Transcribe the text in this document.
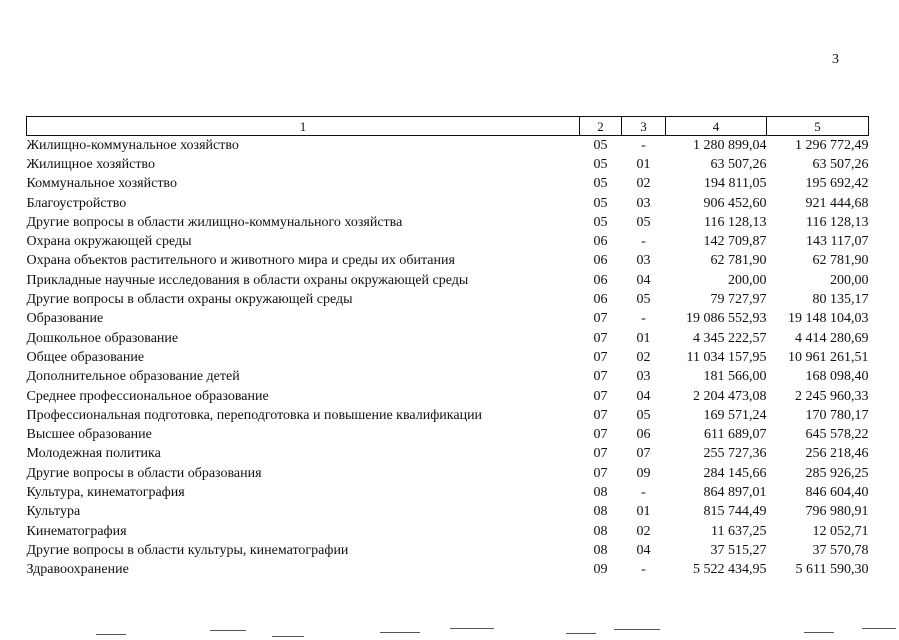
3
1	2	3	4	5
Жилищно-коммунальное хозяйство	05	-	1 280 899,04	1 296 772,49
Жилищное хозяйство	05	01	63 507,26	63 507,26
Коммунальное хозяйство	05	02	194 811,05	195 692,42
Благоустройство	05	03	906 452,60	921 444,68
Другие вопросы в области жилищно-коммунального хозяйства	05	05	116 128,13	116 128,13
Охрана окружающей среды	06	-	142 709,87	143 117,07
Охрана объектов растительного и животного мира и среды их обитания	06	03	62 781,90	62 781,90
Прикладные научные исследования в области охраны окружающей среды	06	04	200,00	200,00
Другие вопросы в области охраны окружающей среды	06	05	79 727,97	80 135,17
Образование	07	-	19 086 552,93	19 148 104,03
Дошкольное образование	07	01	4 345 222,57	4 414 280,69
Общее образование	07	02	11 034 157,95	10 961 261,51
Дополнительное образование детей	07	03	181 566,00	168 098,40
Среднее профессиональное образование	07	04	2 204 473,08	2 245 960,33
Профессиональная подготовка, переподготовка и повышение квалификации	07	05	169 571,24	170 780,17
Высшее образование	07	06	611 689,07	645 578,22
Молодежная политика	07	07	255 727,36	256 218,46
Другие вопросы в области образования	07	09	284 145,66	285 926,25
Культура, кинематография	08	-	864 897,01	846 604,40
Культура	08	01	815 744,49	796 980,91
Кинематография	08	02	11 637,25	12 052,71
Другие вопросы в области культуры, кинематографии	08	04	37 515,27	37 570,78
Здравоохранение	09	-	5 522 434,95	5 611 590,30
